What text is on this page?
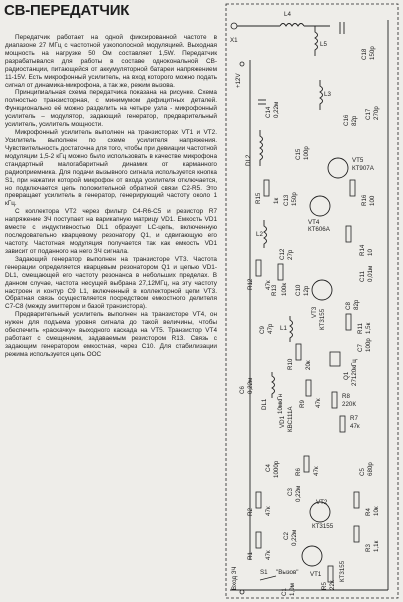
СВ-ПЕРЕДАТЧИК

Передатчик работает на одной фиксированной частоте в диапазоне 27 МГц с частотной узкополосной модуляцией. Выходная мощность на нагрузке 50 Ом составляет 1,5W. Передатчик разрабатывался для работы в составе однокональной СВ-радиостанции, питающейся от аккумуляторной батареи напряжением 11-15V. Есть микрофонный усилитель, на вход которого можно подать сигнал от динамика-микрофона, а так же, режим вызова.

Принципиальная схема передатчика показана на рисунке. Схема полностью транзисторная, с минимумом дефицитных деталей. Функционально её можно разделить на четыре узла - микрофонный усилитель – модулятор, задающий генератор, предварительный усилитель, усилитель мощности.

Микрофонный усилитель выполнен на транзисторах VT1 и VT2. Усилитель выполнен по схеме усилителя напряжения. Чувствительность достаточна для того, чтобы при девиации частотной модуляции 1,5-2 кГц можно было использовать в качестве микрофона стандартный малогабаритный динамик от карманного радиоприемника. Для подачи вызывного сигнала используется кнопка S1, при нажатии которой микрофон от входа усилителя отключается, но подключается цепь положительной обратной связи С2-R5. Это превращает усилитель в генератор, генерирующий частоту около 1 кГц.

С коллектора VT2 через фильтр С4-R6-С5 и резистор R7 напряжение ЗЧ поступает на варикапную матрицу VD1. Емкость VD1 вместе с индуктивностью DL1 образует LC-цепь, включенную последовательно кварцевому резонатору Q1, и сдвигающую его частоту. Частотная модуляция получается так как емкость VD1 зависит от поданного на него ЗЧ сигнала.

Задающий генератор выполнен на транзисторе VT3. Частота генерации определяется кварцевым резонатором Q1 и цепью VD1-DL1, смещающей его частоту резонанса в небольших пределах. В данном случае, частота несущей выбрана 27,12МГц, на эту частоту настроен и контур С9 L1, включенный в коллекторной цепи VT3. Обратная связь осуществляется посредством емкостного делителя С7-С8 (между эмиттером и базой транзистора).

Предварительный усилитель выполнен на транзисторе VT4, он нужен для подъема уровня сигнала до такой величины, чтобы обеспечить «раскачку» выходного каскада на VT5. Транзистор VT4 работает с смещением, задаваемым резистором R13. Связь с задающим генератором емкостная, через С10. Для стабилизации режима используется цепь ООС

X1
L4
L5
C18 150р
+12V
C14 0,22м
L3
C16 82р
C17 270р
DL2
C15 100р
VT5
КТ907А
R15 1к C13 150р
VT4
КТ606А
R16 100
L2
C12 27р	R14 10
C11 0,01м
R12 47к R13 100к C10 12р
VT3 КТ3155
C8 82р
R11 1,5к
C9 47р L1
C7 100р
R10 20к
Q1 27120кГц
R9 47к
C6 0,22м
DL1 10мкГн	R8
220К
VD1 КВС111А	R7
47к
C4 1000р R6 47к	C5 680р
C3 0,22м
R2 47к
VT2
КТ3155
R4 10к
R3 1,1к
C2 0,22м
R1 47к
VT1	КТ3155
R5 22к
Вход ЗЧ	S1 "Вызов"
C1 1,0м
